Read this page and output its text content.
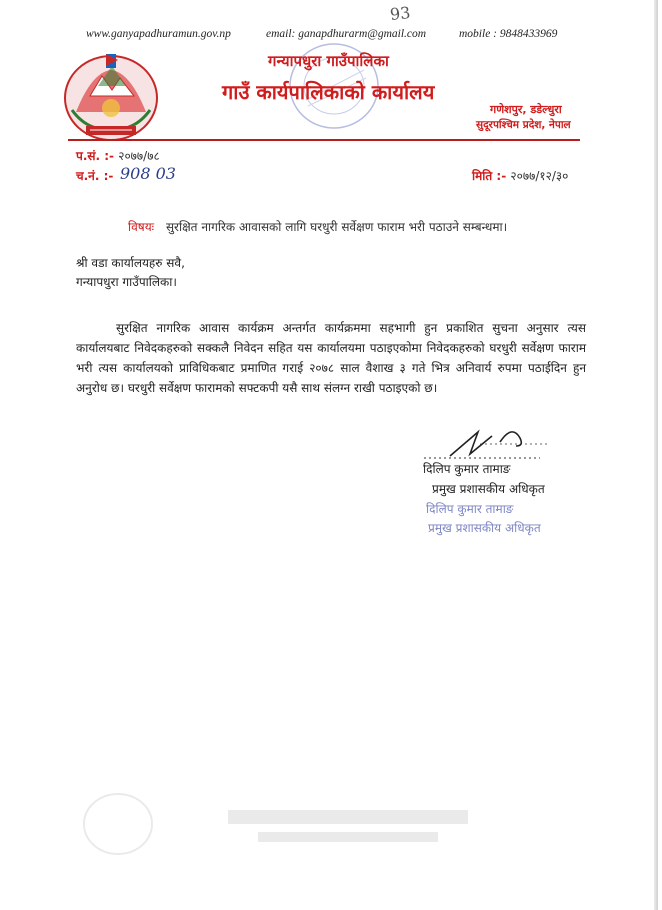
www.ganyapadhuramun.gov.np	email: ganapdhurarm@gmail.com	mobile : 9848433969
93
गन्यापधुरा गाउँपालिका
गाउँ कार्यपालिकाको कार्यालय
गणेशपुर, डडेल्धुरा
सुदूरपश्चिम प्रदेश, नेपाल
प.सं. :- २०७७/७८
च.नं. :- 908 03	मिति :- २०७७/१२/३०
विषयः सुरक्षित नागरिक आवासको लागि घरधुरी सर्वेक्षण फाराम भरी पठाउने सम्बन्धमा।
श्री वडा कार्यालयहरु सवै,
गन्यापधुरा गाउँपालिका।
सुरक्षित नागरिक आवास कार्यक्रम अन्तर्गत कार्यक्रममा सहभागी हुन प्रकाशित सुचना अनुसार त्यस कार्यालयबाट निवेदकहरुको सक्कलै निवेदन सहित यस कार्यालयमा पठाइएकोमा निवेदकहरुको घरधुरी सर्वेक्षण फाराम भरी त्यस कार्यालयको प्राविधिकबाट प्रमाणित गराई २०७८ साल वैशाख ३ गते भित्र अनिवार्य रुपमा पठाईदिन हुन अनुरोध छ। घरधुरी सर्वेक्षण फारामको सफ्टकपी यसै साथ संलग्न राखी पठाइएको छ।
दिलिप कुमार तामाङ
प्रमुख प्रशासकीय अधिकृत
दिलिप कुमार तामाङ
प्रमुख प्रशासकीय अधिकृत
